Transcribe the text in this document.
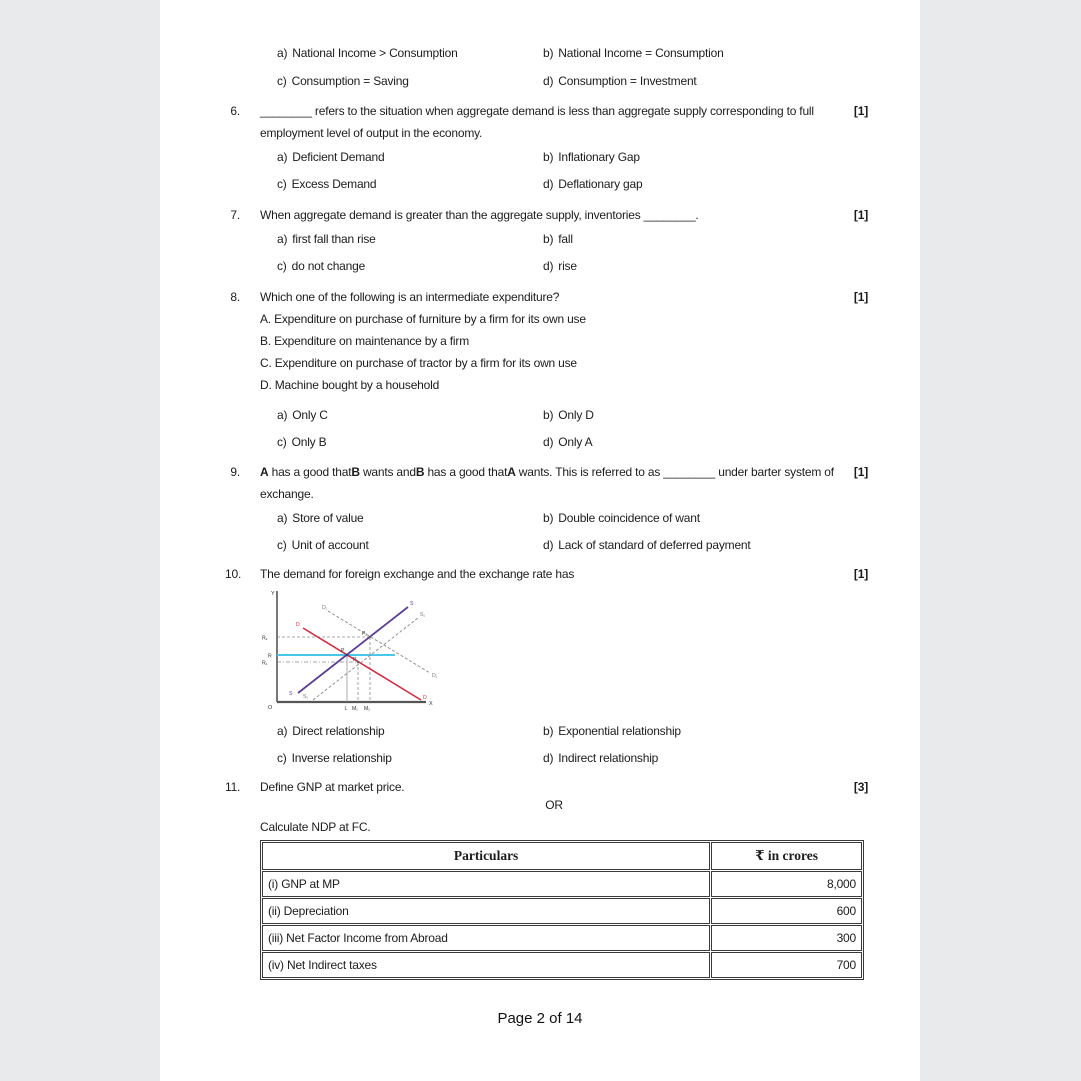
a) National Income > Consumption	b) National Income = Consumption
c) Consumption = Saving	d) Consumption = Investment
6. ________ refers to the situation when aggregate demand is less than aggregate supply corresponding to full employment level of output in the economy.
[1]
a) Deficient Demand	b) Inflationary Gap
c) Excess Demand	d) Deflationary gap
7. When aggregate demand is greater than the aggregate supply, inventories ________.	[1]
a) first fall than rise	b) fall
c) do not change	d) rise
8. Which one of the following is an intermediate expenditure?
A. Expenditure on purchase of furniture by a firm for its own use
B. Expenditure on maintenance by a firm
C. Expenditure on purchase of tractor by a firm for its own use
D. Machine bought by a household
[1]
a) Only C	b) Only D
c) Only B	d) Only A
9. A has a good thatB wants andB has a good thatA wants. This is referred to as ________ under barter system of exchange.
[1]
a) Store of value	b) Double coincidence of want
c) Unit of account	d) Lack of standard of deferred payment
10. The demand for foreign exchange and the exchange rate has	[1]
Y
X
O
R₂
R
R₁
L M₁ M₂
P
P₁
P₂
D
D
S
S
D₁
D₁
S₁
S₁
a) Direct relationship	b) Exponential relationship
c) Inverse relationship	d) Indirect relationship
11. Define GNP at market price.	[3]
OR
Calculate NDP at FC.
Particulars	₹ in crores
(i) GNP at MP	8,000
(ii) Depreciation	600
(iii) Net Factor Income from Abroad	300
(iv) Net Indirect taxes	700
Page 2 of 14
